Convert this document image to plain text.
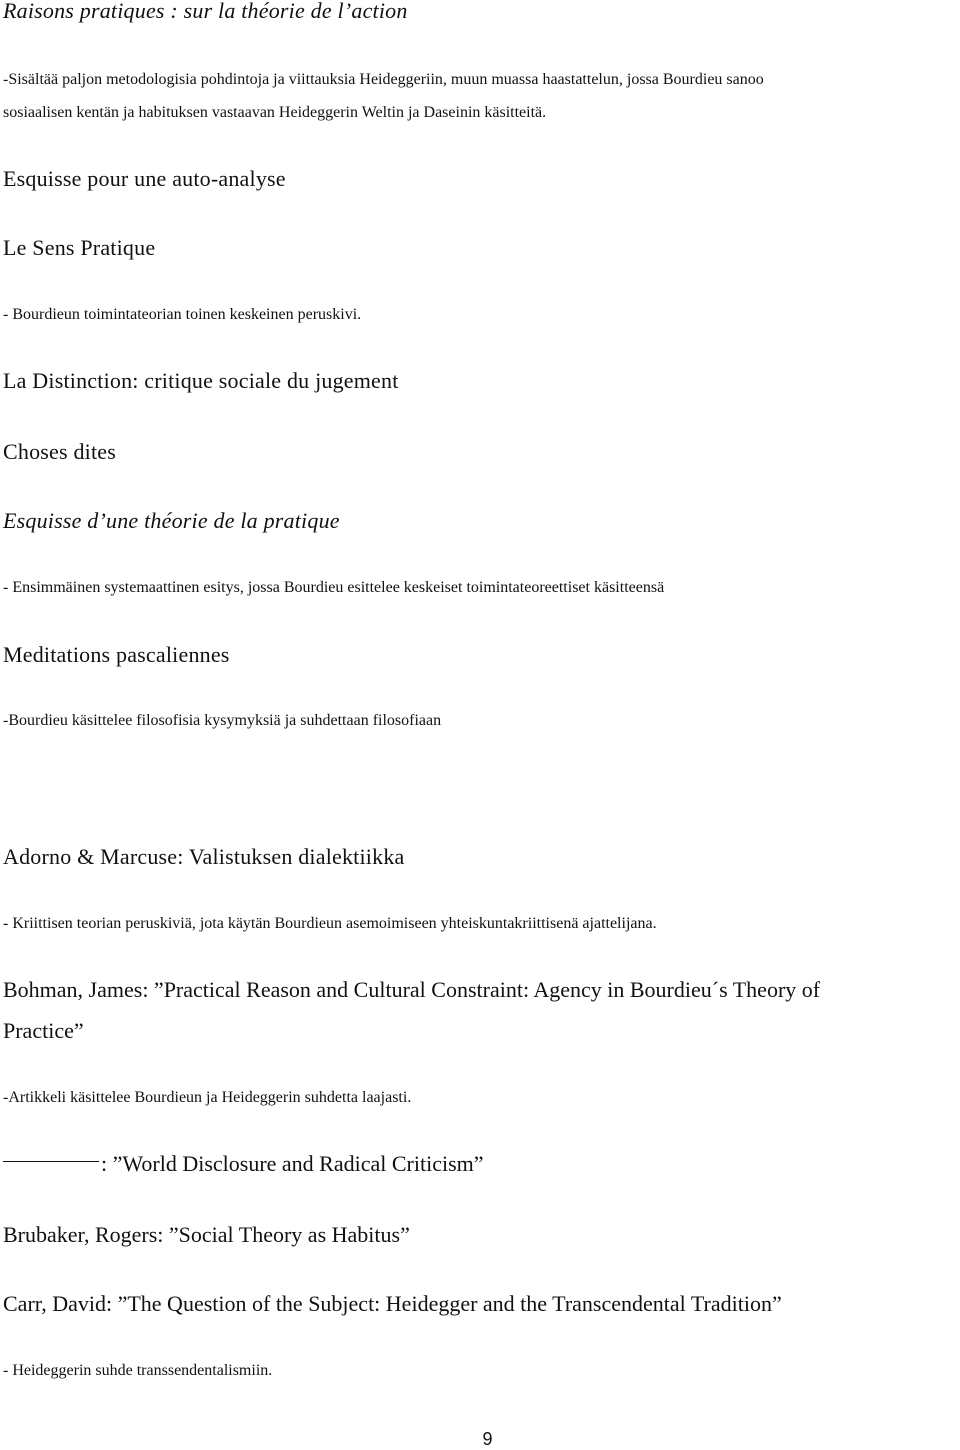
Raisons pratiques : sur la théorie de l’action
-Sisältää paljon metodologisia pohdintoja ja viittauksia Heideggeriin, muun muassa haastattelun, jossa Bourdieu sanoo
sosiaalisen kentän ja habituksen vastaavan Heideggerin Weltin ja Daseinin käsitteitä.
Esquisse pour une auto-analyse
Le Sens Pratique
- Bourdieun toimintateorian toinen keskeinen peruskivi.
La Distinction: critique sociale du jugement
Choses dites
Esquisse d’une théorie de la pratique
- Ensimmäinen systemaattinen esitys, jossa Bourdieu esittelee keskeiset toimintateoreettiset käsitteensä
Meditations pascaliennes
-Bourdieu käsittelee filosofisia kysymyksiä ja suhdettaan filosofiaan
Adorno & Marcuse: Valistuksen dialektiikka
- Kriittisen teorian peruskiviä, jota käytän Bourdieun asemoimiseen yhteiskuntakriittisenä ajattelijana.
Bohman, James: ”Practical Reason and Cultural Constraint: Agency in Bourdieu´s Theory of
Practice”
-Artikkeli käsittelee Bourdieun ja Heideggerin suhdetta laajasti.
: ”World Disclosure and Radical Criticism”
Brubaker, Rogers: ”Social Theory as Habitus”
Carr, David: ”The Question of the Subject: Heidegger and the Transcendental Tradition”
- Heideggerin suhde transsendentalismiin.
9
